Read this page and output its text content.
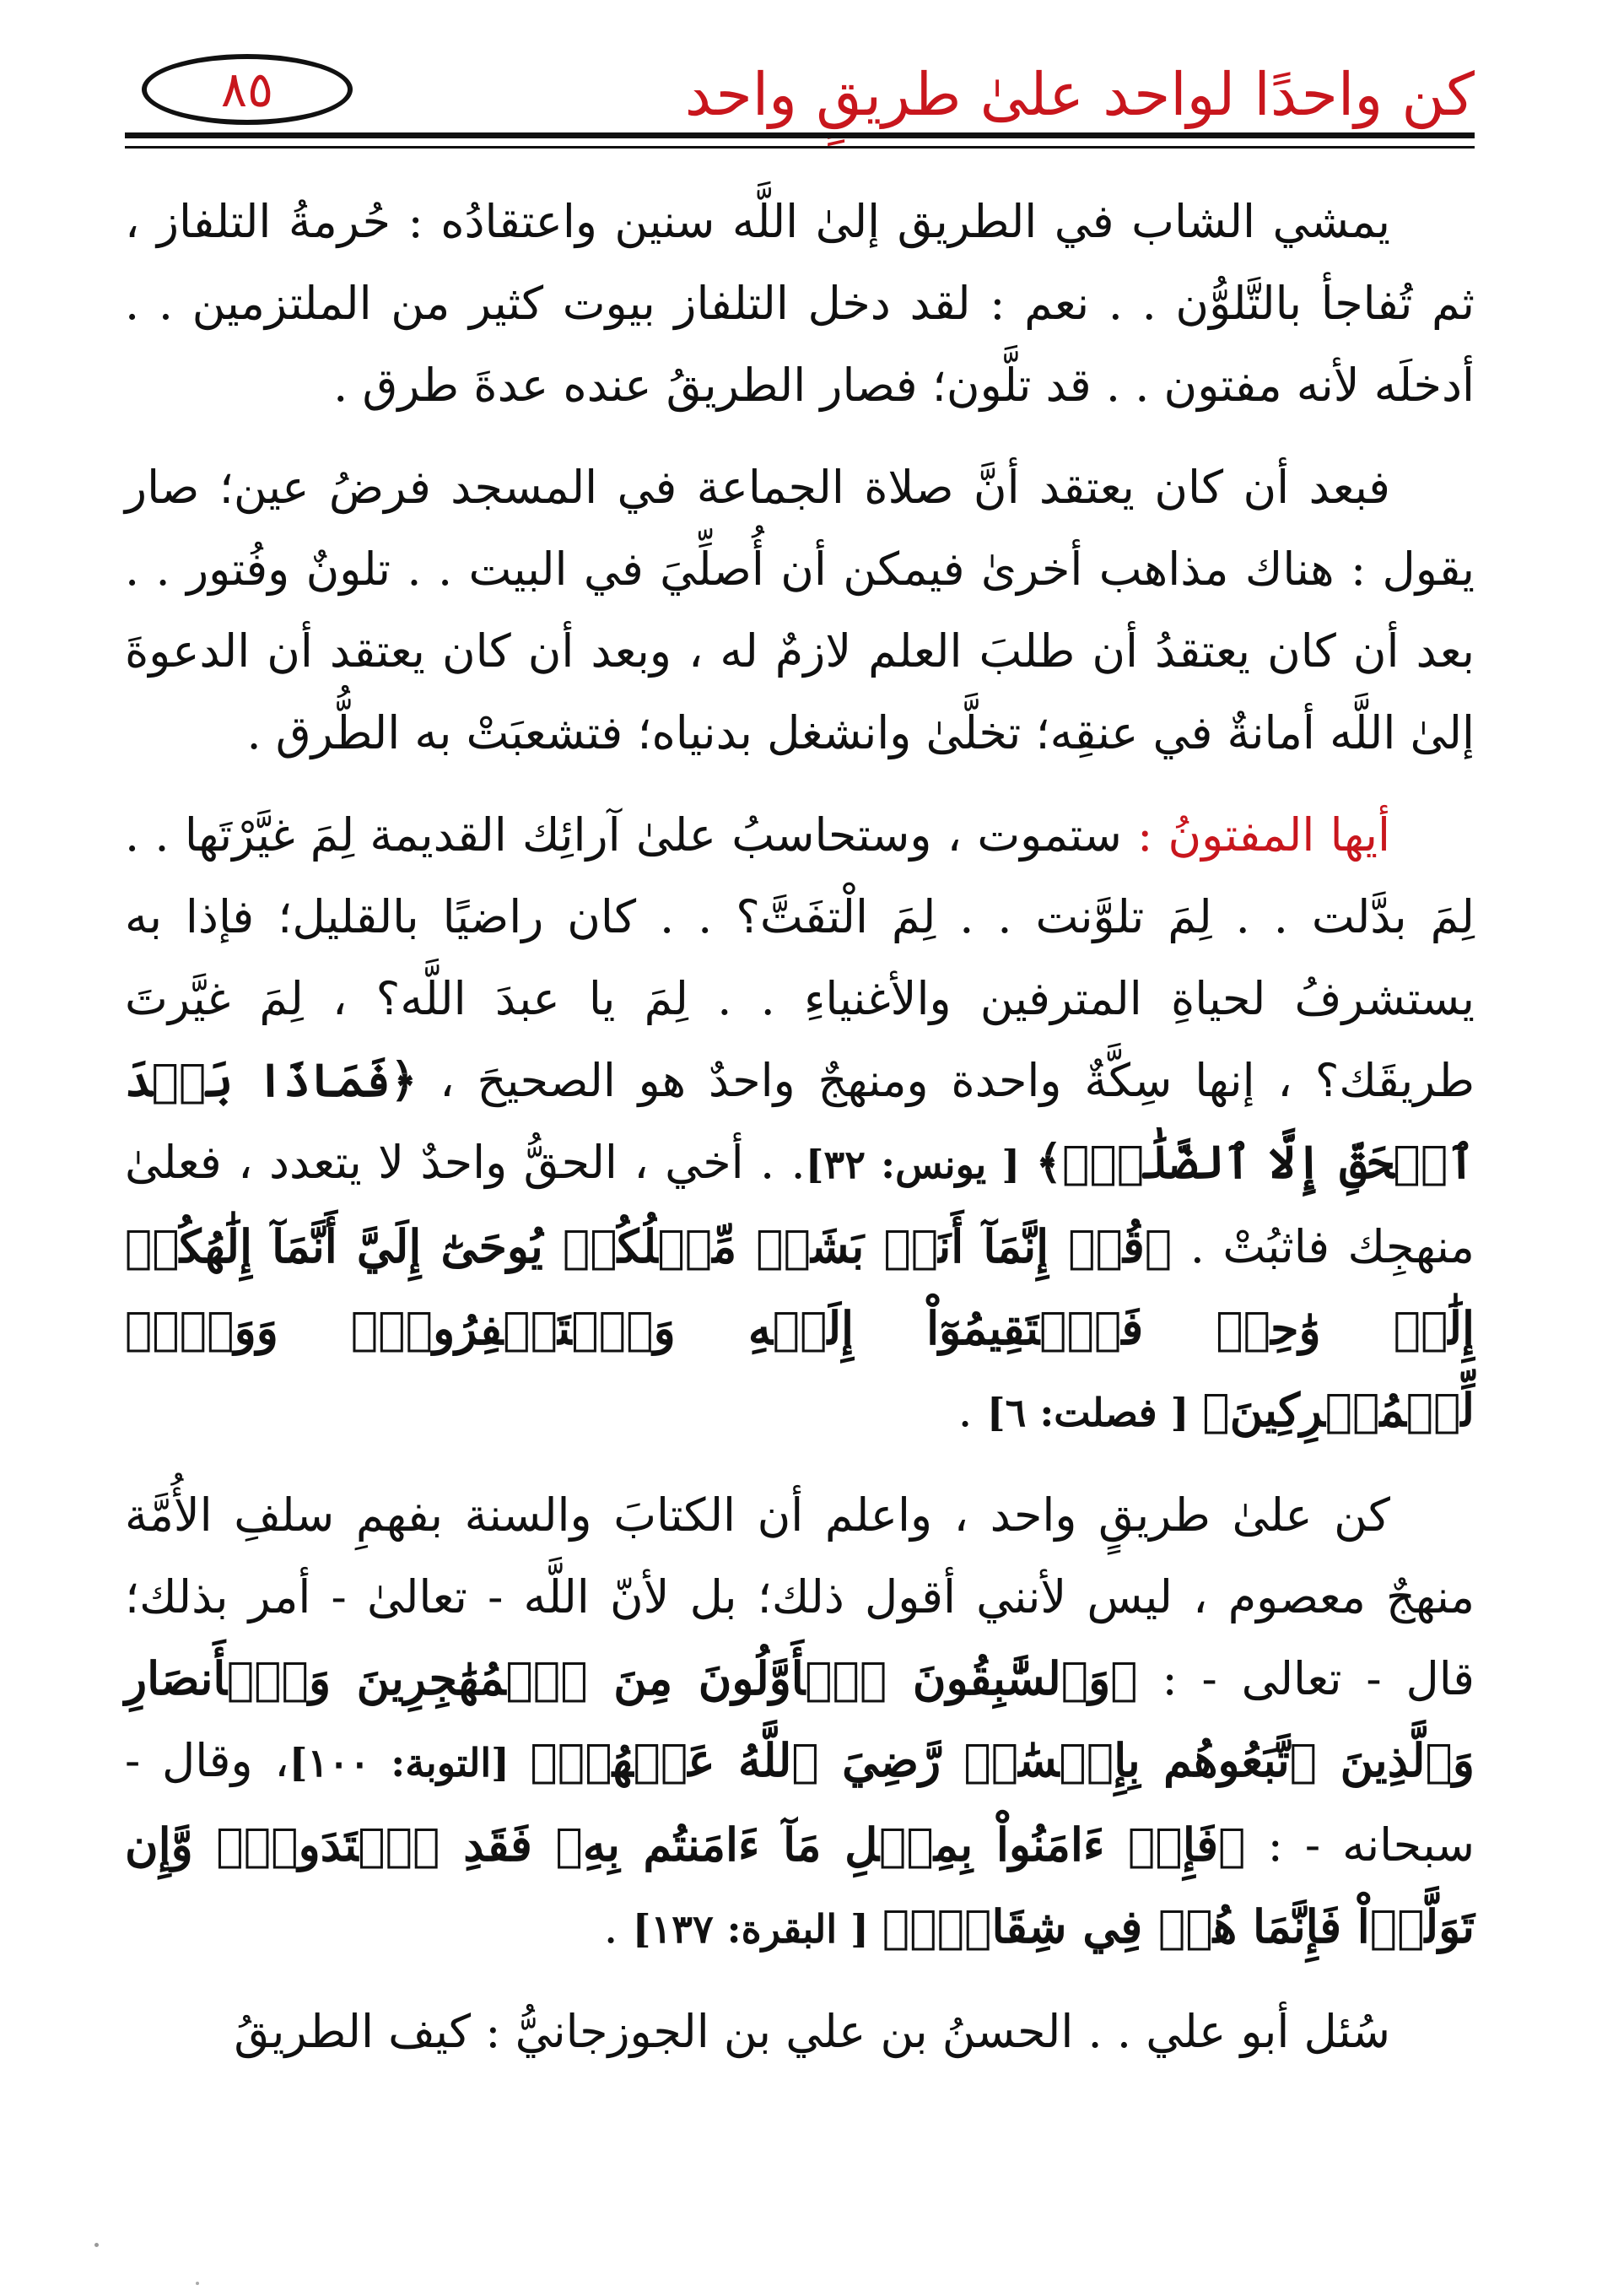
كن واحدًا لواحد علىٰ طريقٍ واحد
٨٥

يمشي الشاب في الطريق إلىٰ اللَّه سنين واعتقادُه : حُرمةُ التلفاز ، ثم تُفاجأ بالتَّلوُّن . . نعم : لقد دخل التلفاز بيوت كثير من الملتزمين . . أدخلَه لأنه مفتون . . قد تلَّون؛ فصار الطريقُ عنده عدةَ طرق .

فبعد أن كان يعتقد أنَّ صلاة الجماعة في المسجد فرضُ عين؛ صار يقول : هناك مذاهب أخرىٰ فيمكن أن أُصلِّيَ في البيت . . تلونٌ وفُتور . . بعد أن كان يعتقدُ أن طلبَ العلم لازمٌ له ، وبعد أن كان يعتقد أن الدعوةَ إلىٰ اللَّه أمانةٌ في عنقِه؛ تخلَّىٰ وانشغل بدنياه؛ فتشعبَتْ به الطُّرق .

أيها المفتونُ : ستموت ، وستحاسبُ علىٰ آرائِك القديمة لِمَ غيَّرْتَها . . لِمَ بدَّلت . . لِمَ تلوَّنت . . لِمَ الْتفَتَّ؟ . . كان راضيًا بالقليل؛ فإذا به يستشرفُ لحياةِ المترفين والأغنياءِ . . لِمَ يا عبدَ اللَّه؟ ، لِمَ غيَّرتَ طريقَك؟ ، إنها سِكَّةٌ واحدة ومنهجٌ واحدٌ هو الصحيحَ ، ﴿فَمَاذَا بَعۡدَ ٱلۡحَقِّ إِلَّا ٱلضَّلَٰلُۖ﴾ [ يونس: ٣٢]. . أخي ، الحقُّ واحدٌ لا يتعدد ، فعلىٰ منهجِك فاثبُتْ . ﴿قُلۡ إِنَّمَآ أَنَا۠ بَشَرٞ مِّثۡلُكُمۡ يُوحَىٰٓ إِلَيَّ أَنَّمَآ إِلَٰهُكُمۡ إِلَٰهٞ وَٰحِدٞ فَٱسۡتَقِيمُوٓاْ إِلَيۡهِ وَٱسۡتَغۡفِرُوهُۗ وَوَيۡلٞ لِّلۡمُشۡرِكِينَ﴾ [ فصلت: ٦] .

كن علىٰ طريقٍ واحد ، واعلم أن الكتابَ والسنة بفهمِ سلفِ الأُمَّة منهجٌ معصوم ، ليس لأنني أقول ذلك؛ بل لأنّ اللَّه - تعالىٰ - أمر بذلك؛ قال - تعالى - : ﴿وَٱلسَّٰبِقُونَ ٱلۡأَوَّلُونَ مِنَ ٱلۡمُهَٰجِرِينَ وَٱلۡأَنصَارِ وَٱلَّذِينَ ٱتَّبَعُوهُم بِإِحۡسَٰنٖ رَّضِيَ ٱللَّهُ عَنۡهُمۡ﴾ [التوبة: ١٠٠]، وقال - سبحانه - : ﴿فَإِنۡ ءَامَنُواْ بِمِثۡلِ مَآ ءَامَنتُم بِهِۦ فَقَدِ ٱهۡتَدَواْۖ وَّإِن تَوَلَّوۡاْ فَإِنَّمَا هُمۡ فِي شِقَاقٖۖ﴾ [ البقرة: ١٣٧] .

سُئل أبو علي . . الحسنُ بن علي بن الجوزجانيُّ : كيف الطريقُ
